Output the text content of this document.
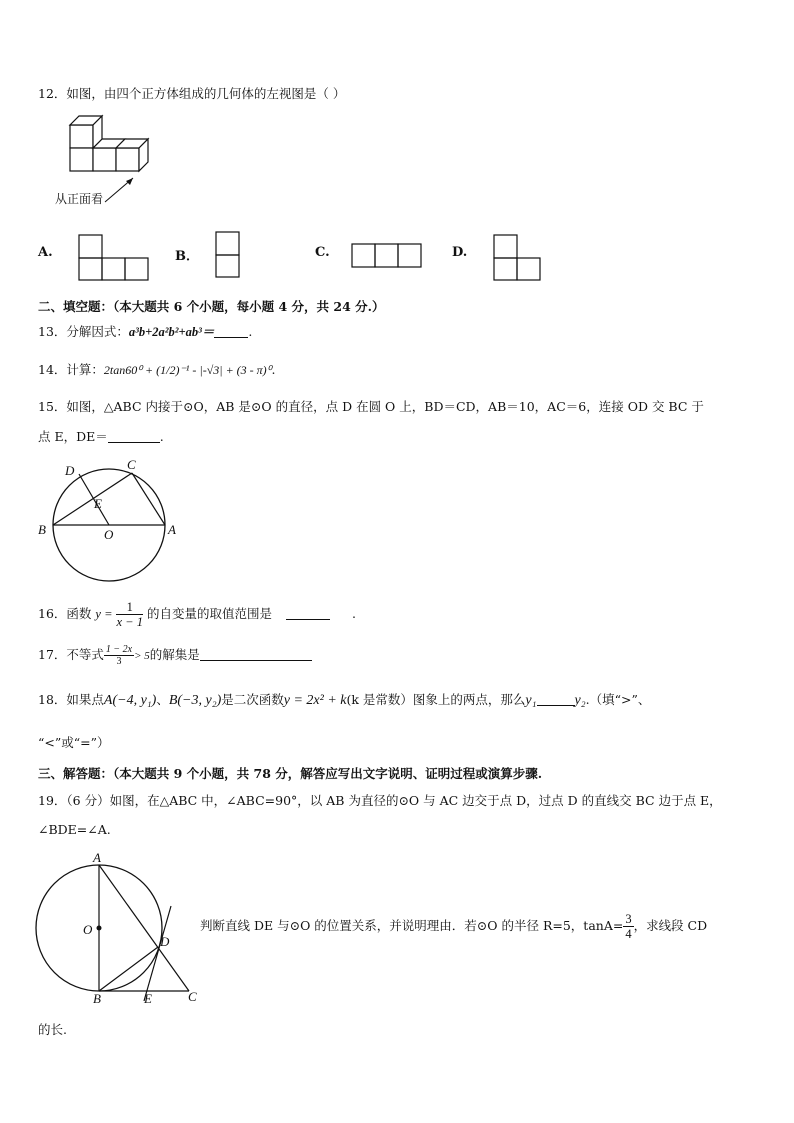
12．如图，由四个正方体组成的几何体的左视图是（ ）
从正面看
A.	B．	C.	D.
二、填空题：（本大题共 6 个小题，每小题 4 分，共 24 分.）
13．分解因式：a³b+2a²b²+ab³＝	.
14．计算：2tan60⁰ + (1/2)⁻¹ - |-√3| + (3 - π)⁰.
15．如图，△ABC 内接于⊙O，AB 是⊙O 的直径，点 D 在圆 O 上，BD＝CD，AB＝10，AC＝6，连接 OD 交 BC 于
点 E，DE＝	.
D	C
E
B	O	A
16．函数 $y = \frac{1}{x - 1}$ 的自变量的取值范围是	.
17．不等式 $\frac{1 - 2x}{3} > 5$的解集是
18．如果点A(−4, y₁)、B(−3, y₂)是二次函数y = 2x² + k(k 是常数）图象上的两点，那么y₁	y₂.（填“>”、
“<”或“=”）
三、解答题：（本大题共 9 个小题，共 78 分，解答应写出文字说明、证明过程或演算步骤.
19．（6 分）如图，在△ABC 中，∠ABC=90°，以 AB 为直径的⊙O 与 AC 边交于点 D，过点 D 的直线交 BC 边于点 E，
∠BDE=∠A.
A
O
D
B	E	C
判断直线 DE 与⊙O 的位置关系，并说明理由．若⊙O 的半径 R=5，$\tan A= \frac{3}{4}$ ，求线段 CD
的长.
